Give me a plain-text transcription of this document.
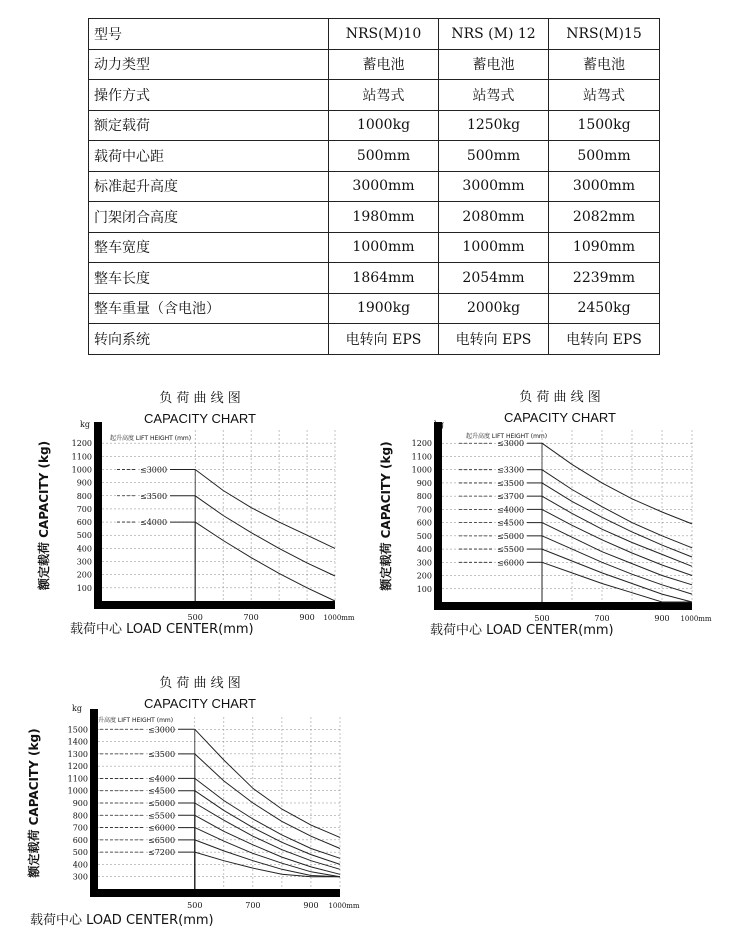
型号	NRS(M)10	NRS (M) 12	NRS(M)15
动力类型	蓄电池	蓄电池	蓄电池
操作方式	站驾式	站驾式	站驾式
额定载荷	1000kg	1250kg	1500kg
载荷中心距	500mm	500mm	500mm
标准起升高度	3000mm	3000mm	3000mm
门架闭合高度	1980mm	2080mm	2082mm
整车宽度	1000mm	1000mm	1090mm
整车长度	1864mm	2054mm	2239mm
整车重量（含电池）	1900kg	2000kg	2450kg
转向系统	电转向 EPS	电转向 EPS	电转向 EPS
负 荷 曲 线 图
CAPACITY CHART
kg
起升高度 LIFT HEIGHT (mm)
1200
1100
1000
900
800
700
600
500
400
300
200
100
500	700	900 1000mm
额定载荷 CAPACITY (kg)
载荷中心 LOAD CENTER(mm)
≤3000
≤3500
≤4000
负 荷 曲 线 图
CAPACITY CHART
kg
起升高度 LIFT HEIGHT (mm)
1200
1100
1000
900
800
700
600
500
400
300
200
100
500	700	900 1000mm
额定载荷 CAPACITY (kg)
载荷中心 LOAD CENTER(mm)
≤3000
≤3300
≤3500
≤3700
≤4000
≤4500
≤5000
≤5500
≤6000
负 荷 曲 线 图
CAPACITY CHART
kg
起升高度 LIFT HEIGHT (mm)
1500
1400
1300
1200
1100
1000
900
800
700
600
500
400
300
500	700	900 1000mm
额定载荷 CAPACITY (kg)
载荷中心 LOAD CENTER(mm)
≤3000
≤3500
≤4000
≤4500
≤5000
≤5500
≤6000
≤6500
≤7200
